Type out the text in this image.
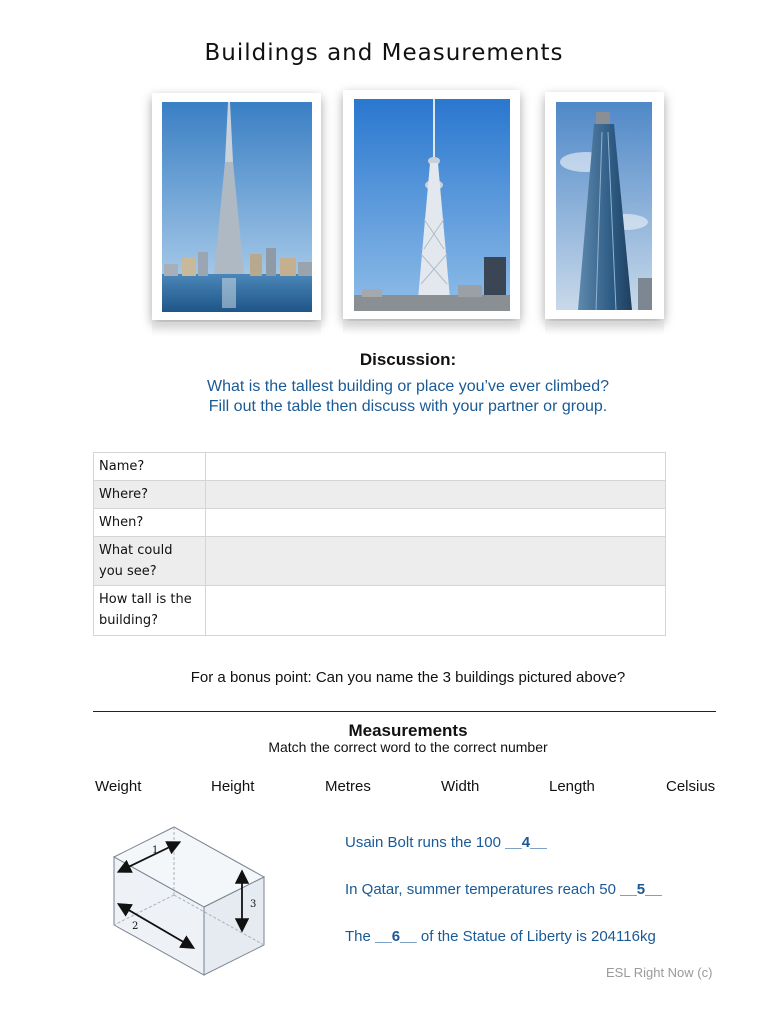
Buildings and Measurements
Discussion:
What is the tallest building or place you’ve ever climbed?
Fill out the table then discuss with your partner or group.
Name?	
Where?	
When?	
What could you see?	
How tall is the building?	
For a bonus point: Can you name the 3 buildings pictured above?
Measurements
Match the correct word to the correct number
Weight	Height	Metres	Width	Length	Celsius
1
2
3
Usain Bolt runs the 100 __4__
In Qatar, summer temperatures reach 50 __5__
The __6__ of the Statue of Liberty is 204116kg
ESL Right Now (c)
